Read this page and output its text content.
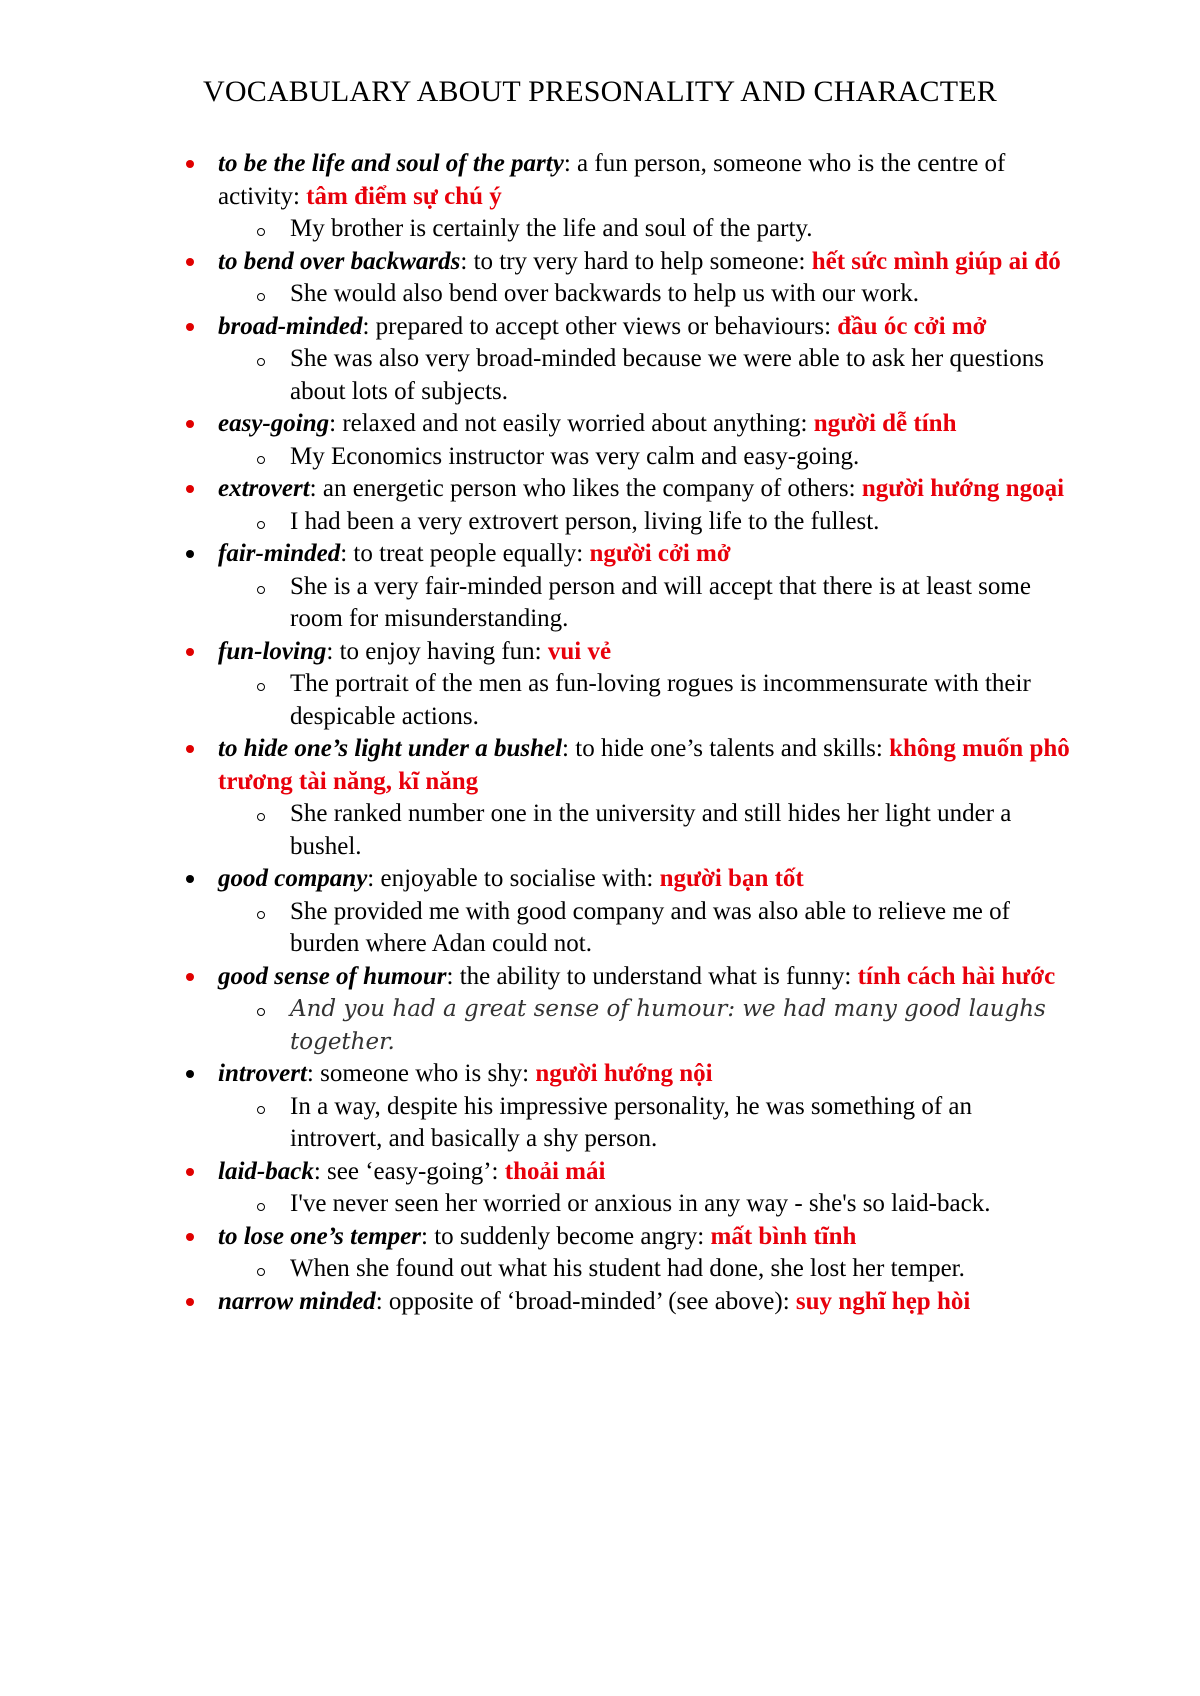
VOCABULARY ABOUT PRESONALITY AND CHARACTER
to be the life and soul of the party: a fun person, someone who is the centre of activity: tâm điểm sự chú ý
My brother is certainly the life and soul of the party.
to bend over backwards: to try very hard to help someone: hết sức mình giúp ai đó
She would also bend over backwards to help us with our work.
broad-minded: prepared to accept other views or behaviours: đầu óc cởi mở
She was also very broad-minded because we were able to ask her questions about lots of subjects.
easy-going: relaxed and not easily worried about anything: người dễ tính
My Economics instructor was very calm and easy-going.
extrovert: an energetic person who likes the company of others: người hướng ngoại
I had been a very extrovert person, living life to the fullest.
fair-minded: to treat people equally: người cởi mở
She is a very fair-minded person and will accept that there is at least some room for misunderstanding.
fun-loving: to enjoy having fun: vui vẻ
The portrait of the men as fun-loving rogues is incommensurate with their despicable actions.
to hide one’s light under a bushel: to hide one’s talents and skills: không muốn phô trương tài năng, kĩ năng
She ranked number one in the university and still hides her light under a bushel.
good company: enjoyable to socialise with: người bạn tốt
She provided me with good company and was also able to relieve me of burden where Adan could not.
good sense of humour: the ability to understand what is funny: tính cách hài hước
And you had a great sense of humour: we had many good laughs together.
introvert: someone who is shy: người hướng nội
In a way, despite his impressive personality, he was something of an introvert, and basically a shy person.
laid-back: see ‘easy-going’: thoải mái
I've never seen her worried or anxious in any way - she's so laid-back.
to lose one’s temper: to suddenly become angry: mất bình tĩnh
When she found out what his student had done, she lost her temper.
narrow minded: opposite of ‘broad-minded’ (see above): suy nghĩ hẹp hòi
